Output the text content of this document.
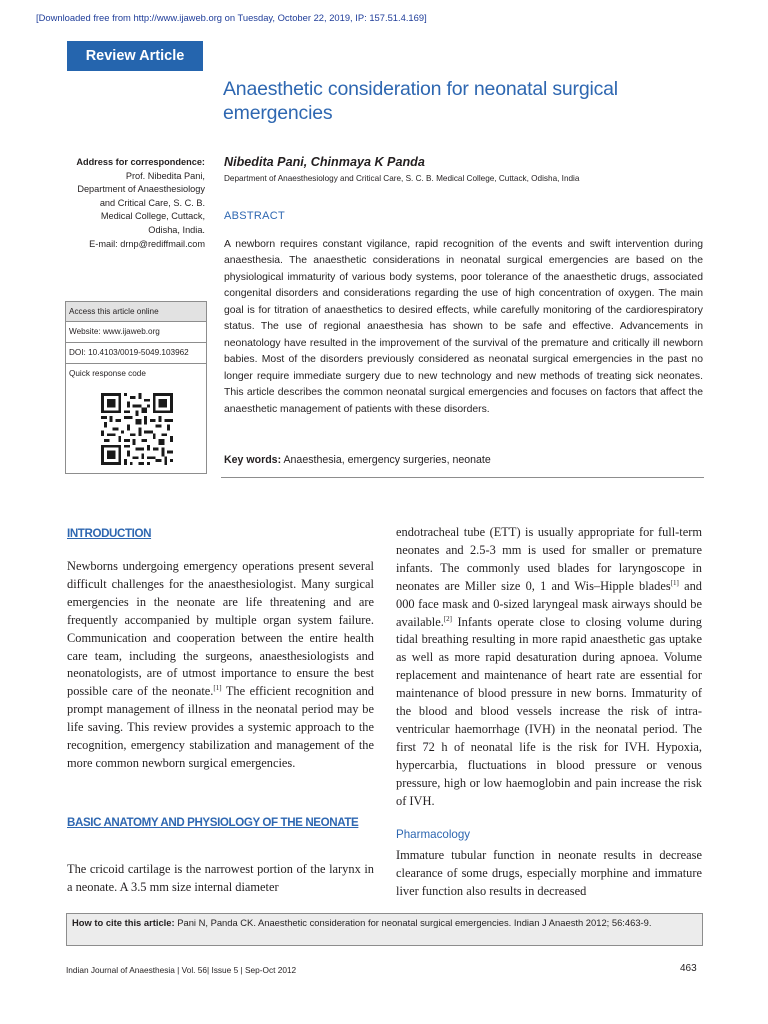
[Downloaded free from http://www.ijaweb.org on Tuesday, October 22, 2019, IP: 157.51.4.169]
Review Article
Anaesthetic consideration for neonatal surgical emergencies
Address for correspondence:
Prof. Nibedita Pani,
Department of Anaesthesiology
and Critical Care, S. C. B.
Medical College, Cuttack,
Odisha, India.
E-mail: drnp@rediffmail.com
Nibedita Pani, Chinmaya K Panda
Department of Anaesthesiology and Critical Care, S. C. B. Medical College, Cuttack, Odisha, India
ABSTRACT
A newborn requires constant vigilance, rapid recognition of the events and swift intervention during anaesthesia. The anaesthetic considerations in neonatal surgical emergencies are based on the physiological immaturity of various body systems, poor tolerance of the anaesthetic drugs, associated congenital disorders and considerations regarding the use of high concentration of oxygen. The main goal is for titration of anaesthetics to desired effects, while carefully monitoring of the cardiorespiratory status. The use of regional anaesthesia has shown to be safe and effective. Advancements in neonatology have resulted in the improvement of the survival of the premature and critically ill newborn babies. Most of the disorders previously considered as neonatal surgical emergencies in the past no longer require immediate surgery due to new technology and new methods of treating sick neonates. This article describes the common neonatal surgical emergencies and focuses on factors that affect the anaesthetic management of patients with these disorders.
Key words: Anaesthesia, emergency surgeries, neonate
Access this article online
Website: www.ijaweb.org
DOI: 10.4103/0019-5049.103962
Quick response code
INTRODUCTION
Newborns undergoing emergency operations present several difficult challenges for the anaesthesiologist. Many surgical emergencies in the neonate are life threatening and are frequently accompanied by multiple organ system failure. Communication and cooperation between the entire health care team, including the surgeons, anaesthesiologists and neonatologists, are of utmost importance to ensure the best possible care of the neonate.[1] The efficient recognition and prompt management of illness in the neonatal period may be life saving. This review provides a systemic approach to the recognition, emergency stabilization and management of the more common newborn surgical emergencies.
BASIC ANATOMY AND PHYSIOLOGY OF THE NEONATE
The cricoid cartilage is the narrowest portion of the larynx in a neonate. A 3.5 mm size internal diameter
endotracheal tube (ETT) is usually appropriate for full-term neonates and 2.5-3 mm is used for smaller or premature infants. The commonly used blades for laryngoscope in neonates are Miller size 0, 1 and Wis–Hipple blades[1] and 000 face mask and 0-sized laryngeal mask airways should be available.[2] Infants operate close to closing volume during tidal breathing resulting in more rapid anaesthetic gas uptake as well as more rapid desaturation during apnoea. Volume replacement and maintenance of heart rate are essential for maintenance of blood pressure in new borns. Immaturity of the blood and blood vessels increase the risk of intra-ventricular haemorrhage (IVH) in the neonatal period. The first 72 h of neonatal life is the risk for IVH. Hypoxia, hypercarbia, fluctuations in blood pressure or venous pressure, high or low haemoglobin and pain increase the risk of IVH.
Pharmacology
Immature tubular function in neonate results in decrease clearance of some drugs, especially morphine and immature liver function also results in decreased
How to cite this article: Pani N, Panda CK. Anaesthetic consideration for neonatal surgical emergencies. Indian J Anaesth 2012; 56:463-9.
Indian Journal of Anaesthesia | Vol. 56| Issue 5 | Sep-Oct 2012	463
